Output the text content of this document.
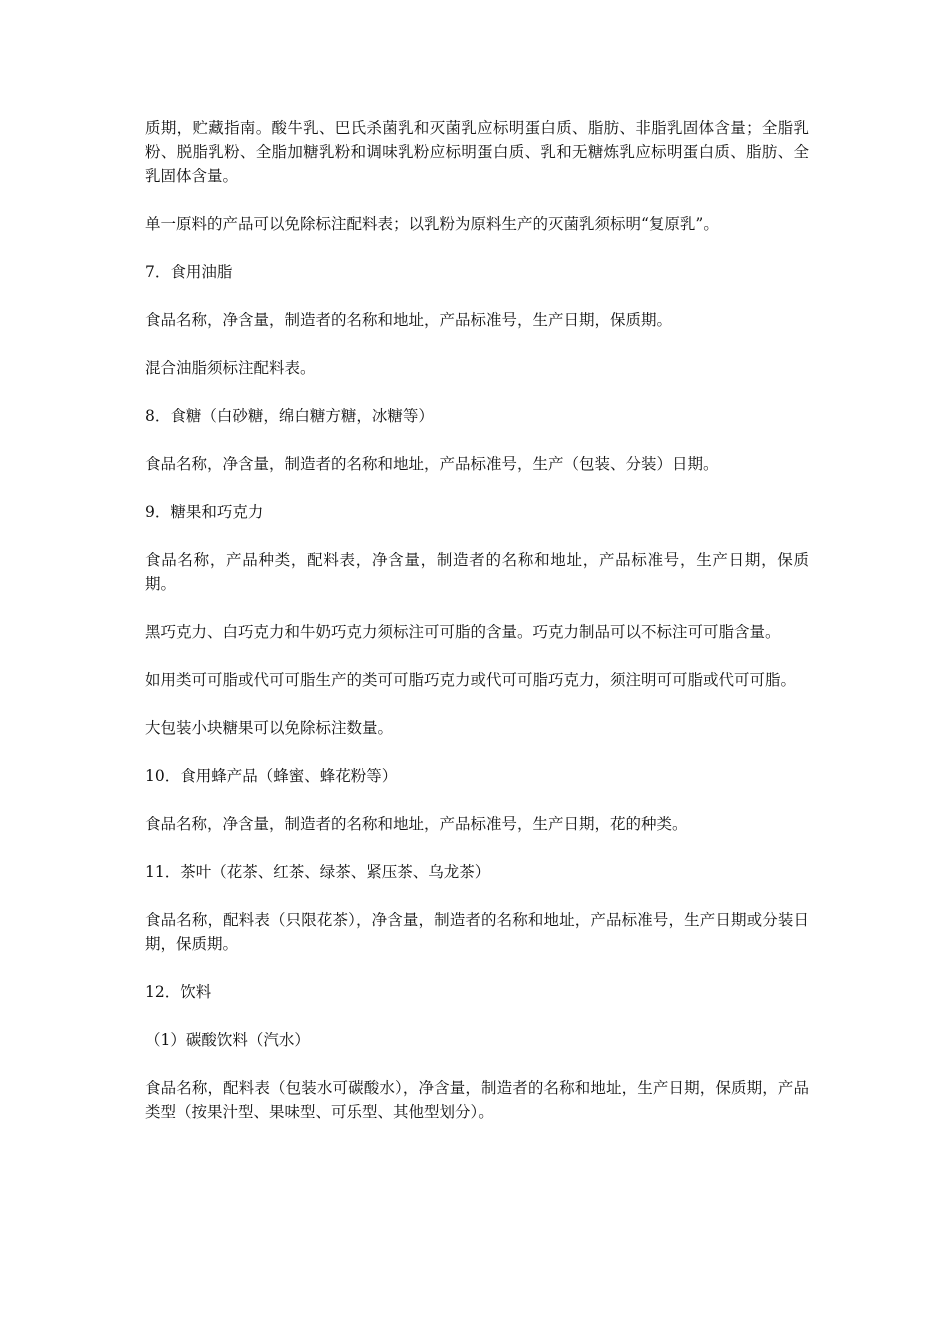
质期，贮藏指南。酸牛乳、巴氏杀菌乳和灭菌乳应标明蛋白质、脂肪、非脂乳固体含量；全脂乳粉、脱脂乳粉、全脂加糖乳粉和调味乳粉应标明蛋白质、乳和无糖炼乳应标明蛋白质、脂肪、全乳固体含量。

单一原料的产品可以免除标注配料表；以乳粉为原料生产的灭菌乳须标明“复原乳”。

7．食用油脂

食品名称，净含量，制造者的名称和地址，产品标准号，生产日期，保质期。

混合油脂须标注配料表。

8．食糖（白砂糖，绵白糖方糖，冰糖等）

食品名称，净含量，制造者的名称和地址，产品标准号，生产（包装、分装）日期。

9．糖果和巧克力

食品名称，产品种类，配料表，净含量，制造者的名称和地址，产品标准号，生产日期，保质期。

黑巧克力、白巧克力和牛奶巧克力须标注可可脂的含量。巧克力制品可以不标注可可脂含量。

如用类可可脂或代可可脂生产的类可可脂巧克力或代可可脂巧克力，须注明可可脂或代可可脂。

大包装小块糖果可以免除标注数量。

10．食用蜂产品（蜂蜜、蜂花粉等）

食品名称，净含量，制造者的名称和地址，产品标准号，生产日期，花的种类。

11．茶叶（花茶、红茶、绿茶、紧压茶、乌龙茶）

食品名称，配料表（只限花茶），净含量，制造者的名称和地址，产品标准号，生产日期或分装日期，保质期。

12．饮料

（1）碳酸饮料（汽水）

食品名称，配料表（包装水可碳酸水），净含量，制造者的名称和地址，生产日期，保质期，产品类型（按果汁型、果味型、可乐型、其他型划分）。
